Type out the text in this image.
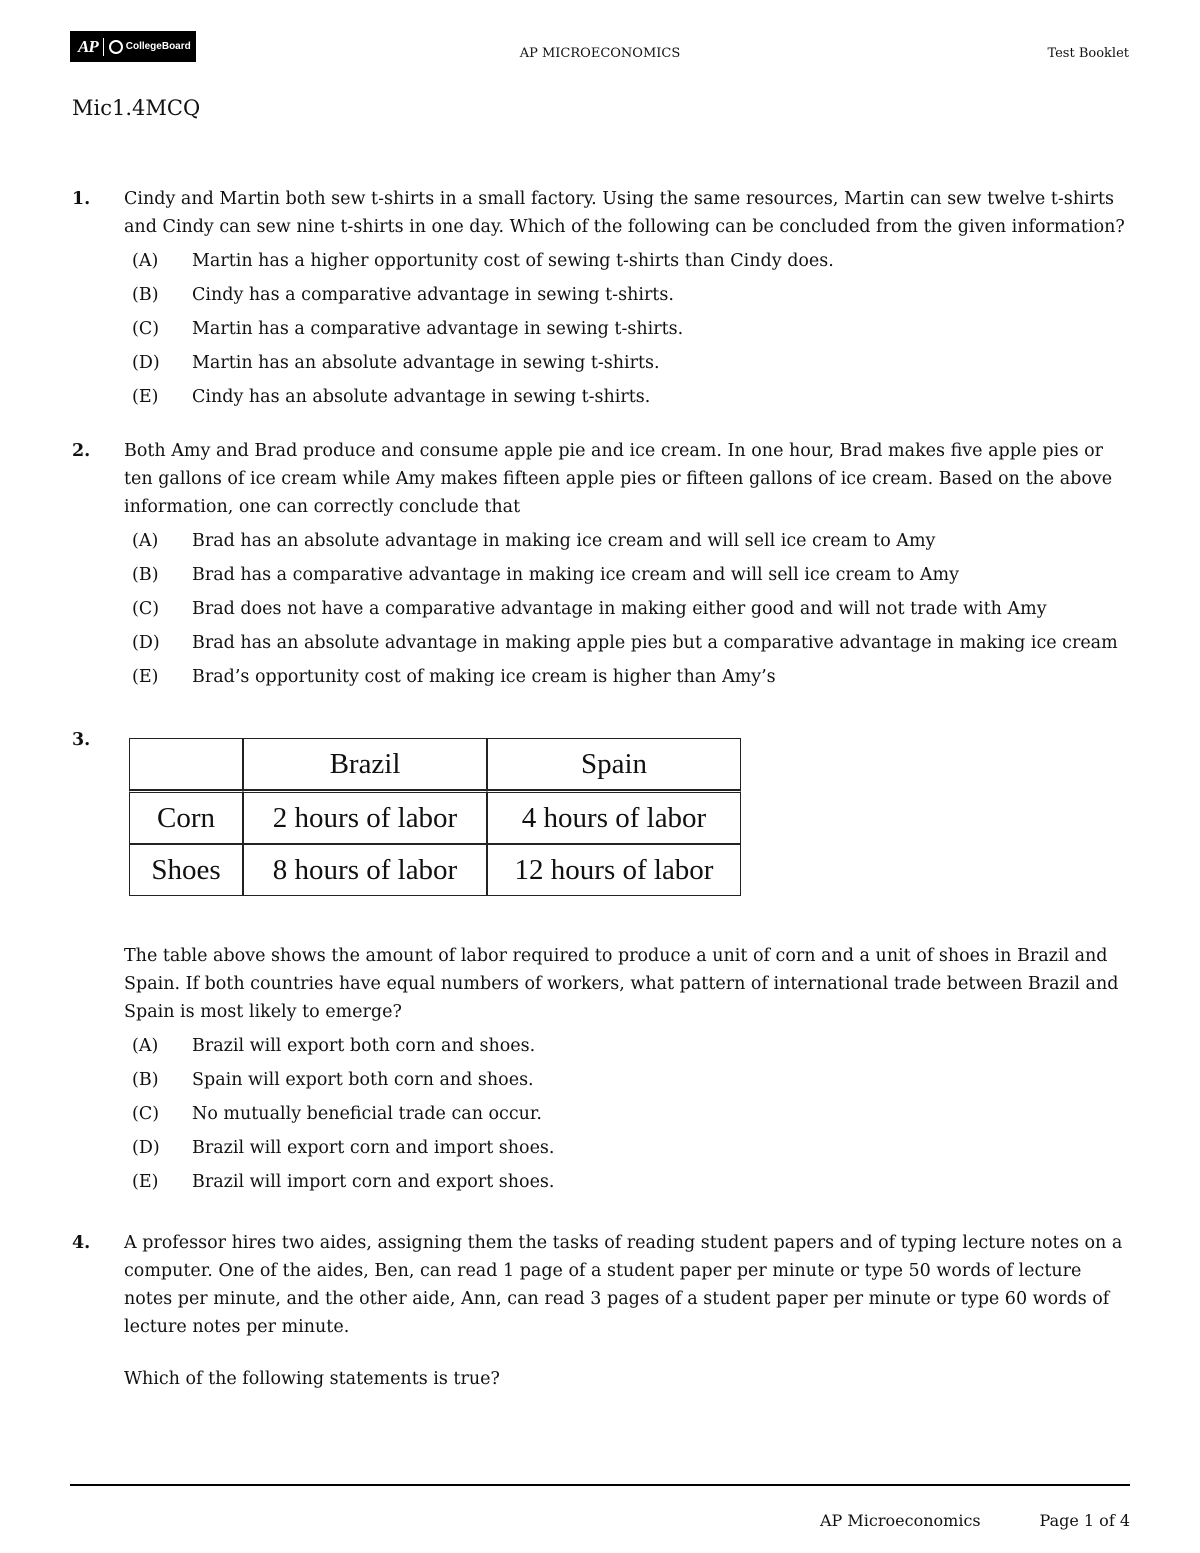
AP	CollegeBoard	AP MICROECONOMICS	Test Booklet
Mic1.4MCQ
1. Cindy and Martin both sew t-shirts in a small factory. Using the same resources, Martin can sew twelve t-shirts and Cindy can sew nine t-shirts in one day. Which of the following can be concluded from the given information?
(A)	Martin has a higher opportunity cost of sewing t-shirts than Cindy does.
(B)	Cindy has a comparative advantage in sewing t-shirts.
(C)	Martin has a comparative advantage in sewing t-shirts.
(D)	Martin has an absolute advantage in sewing t-shirts.
(E)	Cindy has an absolute advantage in sewing t-shirts.
2. Both Amy and Brad produce and consume apple pie and ice cream. In one hour, Brad makes five apple pies or ten gallons of ice cream while Amy makes fifteen apple pies or fifteen gallons of ice cream. Based on the above information, one can correctly conclude that
(A)	Brad has an absolute advantage in making ice cream and will sell ice cream to Amy
(B)	Brad has a comparative advantage in making ice cream and will sell ice cream to Amy
(C)	Brad does not have a comparative advantage in making either good and will not trade with Amy
(D)	Brad has an absolute advantage in making apple pies but a comparative advantage in making ice cream
(E)	Brad’s opportunity cost of making ice cream is higher than Amy’s
3.
	Brazil	Spain
Corn	2 hours of labor	4 hours of labor
Shoes	8 hours of labor	12 hours of labor
The table above shows the amount of labor required to produce a unit of corn and a unit of shoes in Brazil and Spain. If both countries have equal numbers of workers, what pattern of international trade between Brazil and Spain is most likely to emerge?
(A)	Brazil will export both corn and shoes.
(B)	Spain will export both corn and shoes.
(C)	No mutually beneficial trade can occur.
(D)	Brazil will export corn and import shoes.
(E)	Brazil will import corn and export shoes.
4. A professor hires two aides, assigning them the tasks of reading student papers and of typing lecture notes on a computer. One of the aides, Ben, can read 1 page of a student paper per minute or type 50 words of lecture notes per minute, and the other aide, Ann, can read 3 pages of a student paper per minute or type 60 words of lecture notes per minute.
Which of the following statements is true?
AP Microeconomics	Page 1 of 4
